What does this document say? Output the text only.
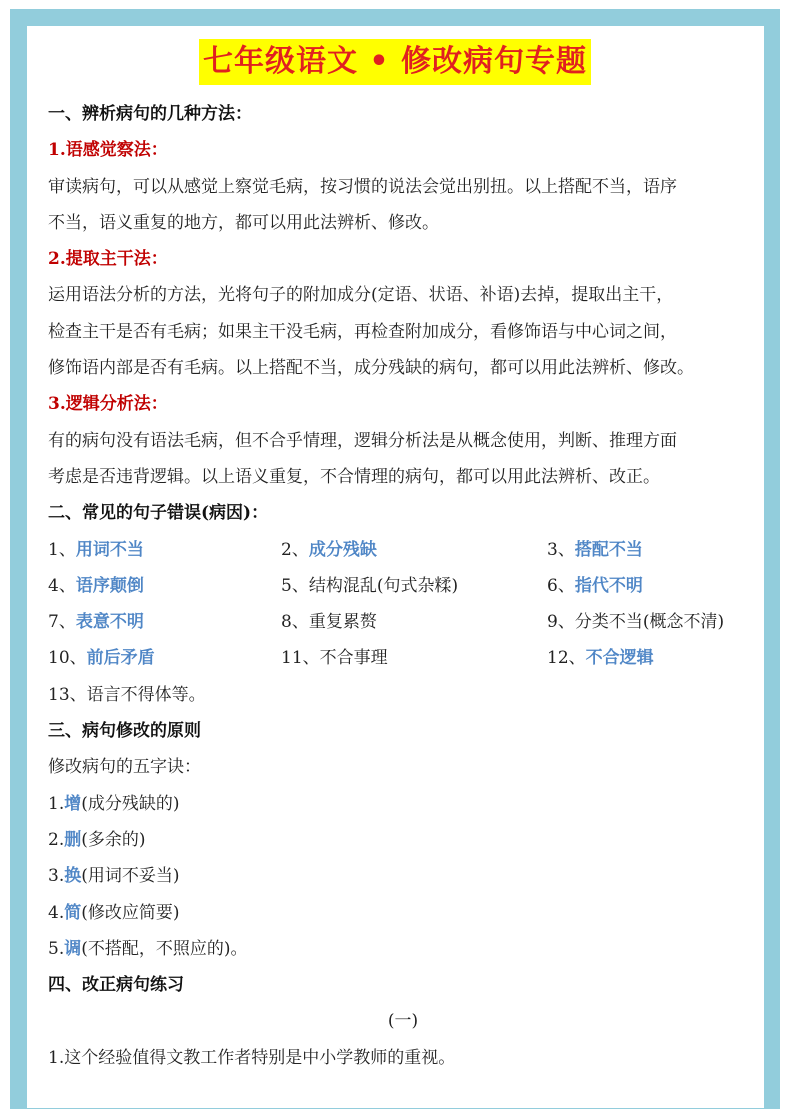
七年级语文 • 修改病句专题
一、辨析病句的几种方法：
1.语感觉察法：
审读病句，可以从感觉上察觉毛病，按习惯的说法会觉出别扭。以上搭配不当，语序
不当，语义重复的地方，都可以用此法辨析、修改。
2.提取主干法：
运用语法分析的方法，光将句子的附加成分(定语、状语、补语)去掉，提取出主干，
检查主干是否有毛病；如果主干没毛病，再检查附加成分，看修饰语与中心词之间，
修饰语内部是否有毛病。以上搭配不当，成分残缺的病句，都可以用此法辨析、修改。
3.逻辑分析法：
有的病句没有语法毛病，但不合乎情理，逻辑分析法是从概念使用，判断、推理方面
考虑是否违背逻辑。以上语义重复，不合情理的病句，都可以用此法辨析、改正。
二、常见的句子错误(病因)：
1、用词不当	2、成分残缺	3、搭配不当
4、语序颠倒	5、结构混乱(句式杂糅)	6、指代不明
7、表意不明	8、重复累赘	9、分类不当(概念不清)
10、前后矛盾	11、不合事理	12、不合逻辑
13、语言不得体等。
三、病句修改的原则
修改病句的五字诀：
1.增(成分残缺的)
2.删(多余的)
3.换(用词不妥当)
4.简(修改应简要)
5.调(不搭配，不照应的)。
四、改正病句练习
(一)
1.这个经验值得文教工作者特别是中小学教师的重视。
